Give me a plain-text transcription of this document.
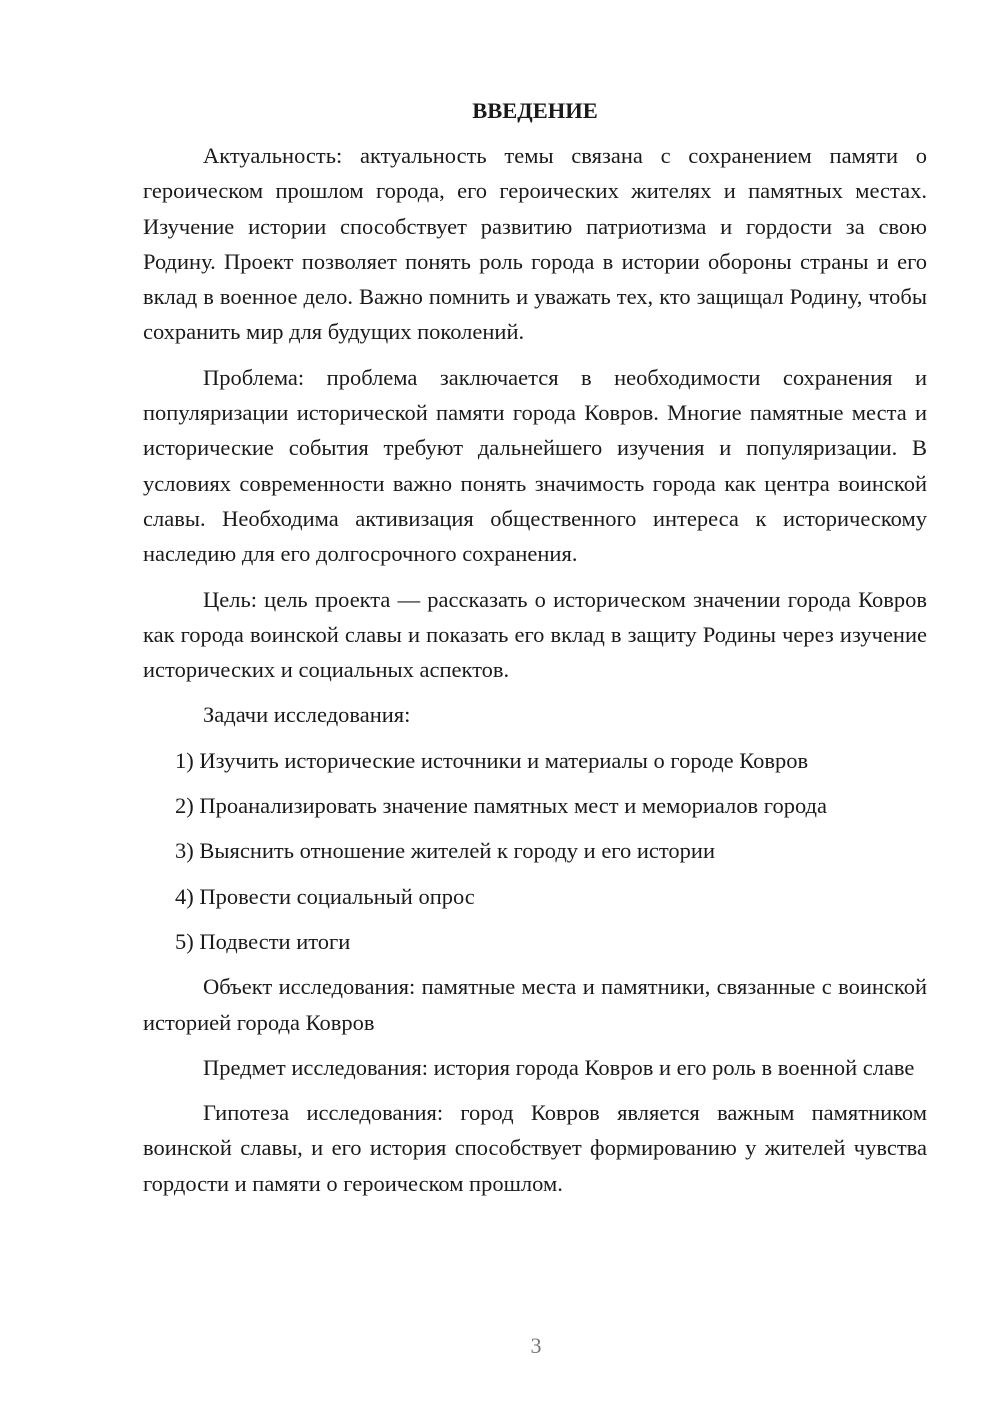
ВВЕДЕНИЕ

Актуальность: актуальность темы связана с сохранением памяти о героическом прошлом города, его героических жителях и памятных местах. Изучение истории способствует развитию патриотизма и гордости за свою Родину. Проект позволяет понять роль города в истории обороны страны и его вклад в военное дело. Важно помнить и уважать тех, кто защищал Родину, чтобы сохранить мир для будущих поколений.

Проблема: проблема заключается в необходимости сохранения и популяризации исторической памяти города Ковров. Многие памятные места и исторические события требуют дальнейшего изучения и популяризации. В условиях современности важно понять значимость города как центра воинской славы. Необходима активизация общественного интереса к историческому наследию для его долгосрочного сохранения.

Цель: цель проекта — рассказать о историческом значении города Ковров как города воинской славы и показать его вклад в защиту Родины через изучение исторических и социальных аспектов.

Задачи исследования:

1) Изучить исторические источники и материалы о городе Ковров
2) Проанализировать значение памятных мест и мемориалов города
3) Выяснить отношение жителей к городу и его истории
4) Провести социальный опрос
5) Подвести итоги

Объект исследования: памятные места и памятники, связанные с воинской историей города Ковров

Предмет исследования: история города Ковров и его роль в военной славе

Гипотеза исследования: город Ковров является важным памятником воинской славы, и его история способствует формированию у жителей чувства гордости и памяти о героическом прошлом.

3
